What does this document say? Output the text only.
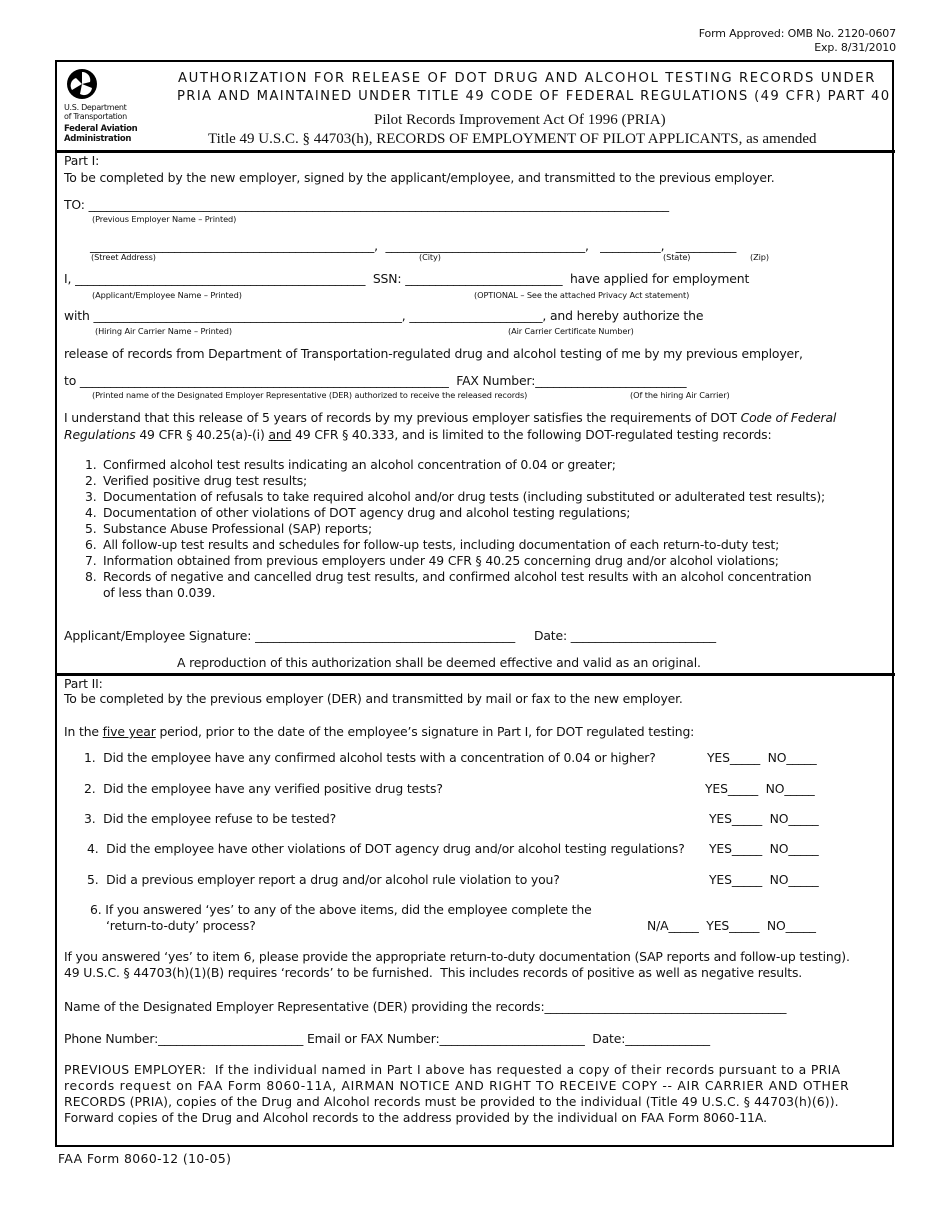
Form Approved: OMB No. 2120-0607
Exp. 8/31/2010
U.S. Department
of Transportation
Federal Aviation
Administration
AUTHORIZATION FOR RELEASE OF DOT DRUG AND ALCOHOL TESTING RECORDS UNDER
PRIA AND MAINTAINED UNDER TITLE 49 CODE OF FEDERAL REGULATIONS (49 CFR) PART 40
Pilot Records Improvement Act Of 1996 (PRIA)
Title 49 U.S.C. § 44703(h), RECORDS OF EMPLOYMENT OF PILOT APPLICANTS, as amended
Part I:
To be completed by the new employer, signed by the applicant/employee, and transmitted to the previous employer.
TO: ________________________________________________________________________________________________
(Previous Employer Name – Printed)
_______________________________________________,  _________________________________,   __________,   __________
(Street Address)	(City)	(State)	(Zip)
I, ________________________________________________  SSN: __________________________  have applied for employment
(Applicant/Employee Name – Printed)	(OPTIONAL – See the attached Privacy Act statement)
with ___________________________________________________, ______________________, and hereby authorize the
(Hiring Air Carrier Name – Printed)	(Air Carrier Certificate Number)
release of records from Department of Transportation-regulated drug and alcohol testing of me by my previous employer,
to _____________________________________________________________  FAX Number:_________________________
(Printed name of the Designated Employer Representative (DER) authorized to receive the released records)	(Of the hiring Air Carrier)
I understand that this release of 5 years of records by my previous employer satisfies the requirements of DOT Code of Federal
Regulations 49 CFR § 40.25(a)-(i) and 49 CFR § 40.333, and is limited to the following DOT-regulated testing records:
1. Confirmed alcohol test results indicating an alcohol concentration of 0.04 or greater;
2. Verified positive drug test results;
3. Documentation of refusals to take required alcohol and/or drug tests (including substituted or adulterated test results);
4. Documentation of other violations of DOT agency drug and alcohol testing regulations;
5. Substance Abuse Professional (SAP) reports;
6. All follow-up test results and schedules for follow-up tests, including documentation of each return-to-duty test;
7. Information obtained from previous employers under 49 CFR § 40.25 concerning drug and/or alcohol violations;
8. Records of negative and cancelled drug test results, and confirmed alcohol test results with an alcohol concentration
of less than 0.039.
Applicant/Employee Signature: ___________________________________________     Date: ________________________
A reproduction of this authorization shall be deemed effective and valid as an original.
Part II:
To be completed by the previous employer (DER) and transmitted by mail or fax to the new employer.
In the five year period, prior to the date of the employee’s signature in Part I, for DOT regulated testing:
1.  Did the employee have any confirmed alcohol tests with a concentration of 0.04 or higher?	YES_____  NO_____
2.  Did the employee have any verified positive drug tests?	YES_____  NO_____
3.  Did the employee refuse to be tested?	YES_____  NO_____
4.  Did the employee have other violations of DOT agency drug and/or alcohol testing regulations? YES_____  NO_____
5.  Did a previous employer report a drug and/or alcohol rule violation to you?	YES_____  NO_____
6. If you answered ‘yes’ to any of the above items, did the employee complete the
‘return-to-duty’ process?	N/A_____  YES_____  NO_____
If you answered ‘yes’ to item 6, please provide the appropriate return-to-duty documentation (SAP reports and follow-up testing).
49 U.S.C. § 44703(h)(1)(B) requires ‘records’ to be furnished.  This includes records of positive as well as negative results.
Name of the Designated Employer Representative (DER) providing the records:________________________________________
Phone Number:________________________ Email or FAX Number:________________________  Date:______________
PREVIOUS EMPLOYER:  If the individual named in Part I above has requested a copy of their records pursuant to a PRIA
records request on FAA Form 8060-11A, AIRMAN NOTICE AND RIGHT TO RECEIVE COPY -- AIR CARRIER AND OTHER
RECORDS (PRIA), copies of the Drug and Alcohol records must be provided to the individual (Title 49 U.S.C. § 44703(h)(6)).
Forward copies of the Drug and Alcohol records to the address provided by the individual on FAA Form 8060-11A.
FAA Form 8060-12 (10-05)
